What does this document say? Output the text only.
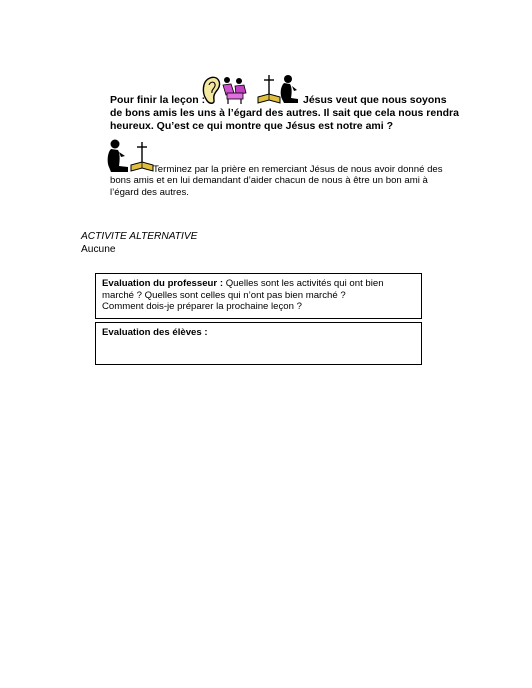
Pour finir la leçon :	Jésus veut que nous soyons
de bons amis les uns à l’égard des autres. Il sait que cela nous rendra
heureux. Qu’est ce qui montre que Jésus est notre ami ?
Terminez par la prière en remerciant Jésus de nous avoir donné des
bons amis et en lui demandant d’aider chacun de nous à être un bon ami à
l’égard des autres.
ACTIVITE ALTERNATIVE
Aucune
Evaluation du professeur : Quelles sont les activités qui ont bien
marché ? Quelles sont celles qui n’ont pas bien marché ?
Comment dois-je préparer la prochaine leçon ?
Evaluation des élèves :
